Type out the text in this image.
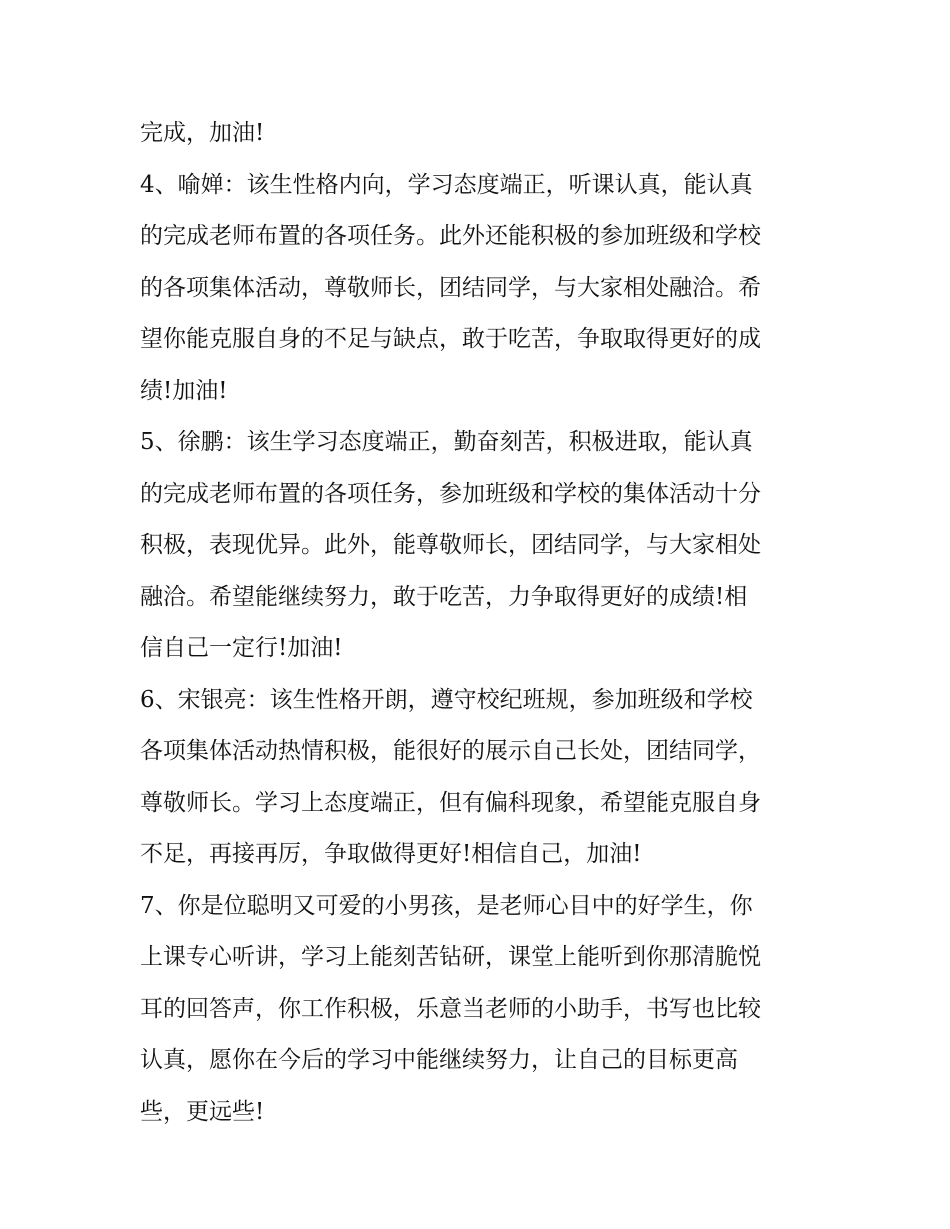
完成，加油!
4、喻婵：该生性格内向，学习态度端正，听课认真，能认真
的完成老师布置的各项任务。此外还能积极的参加班级和学校
的各项集体活动，尊敬师长，团结同学，与大家相处融洽。希
望你能克服自身的不足与缺点，敢于吃苦，争取取得更好的成
绩!加油!
5、徐鹏：该生学习态度端正，勤奋刻苦，积极进取，能认真
的完成老师布置的各项任务，参加班级和学校的集体活动十分
积极，表现优异。此外，能尊敬师长，团结同学，与大家相处
融洽。希望能继续努力，敢于吃苦，力争取得更好的成绩!相
信自己一定行!加油!
6、宋银亮：该生性格开朗，遵守校纪班规，参加班级和学校
各项集体活动热情积极，能很好的展示自己长处，团结同学，
尊敬师长。学习上态度端正，但有偏科现象，希望能克服自身
不足，再接再厉，争取做得更好!相信自己，加油!
7、你是位聪明又可爱的小男孩，是老师心目中的好学生，你
上课专心听讲，学习上能刻苦钻研，课堂上能听到你那清脆悦
耳的回答声，你工作积极，乐意当老师的小助手，书写也比较
认真，愿你在今后的学习中能继续努力，让自己的目标更高
些，更远些!
